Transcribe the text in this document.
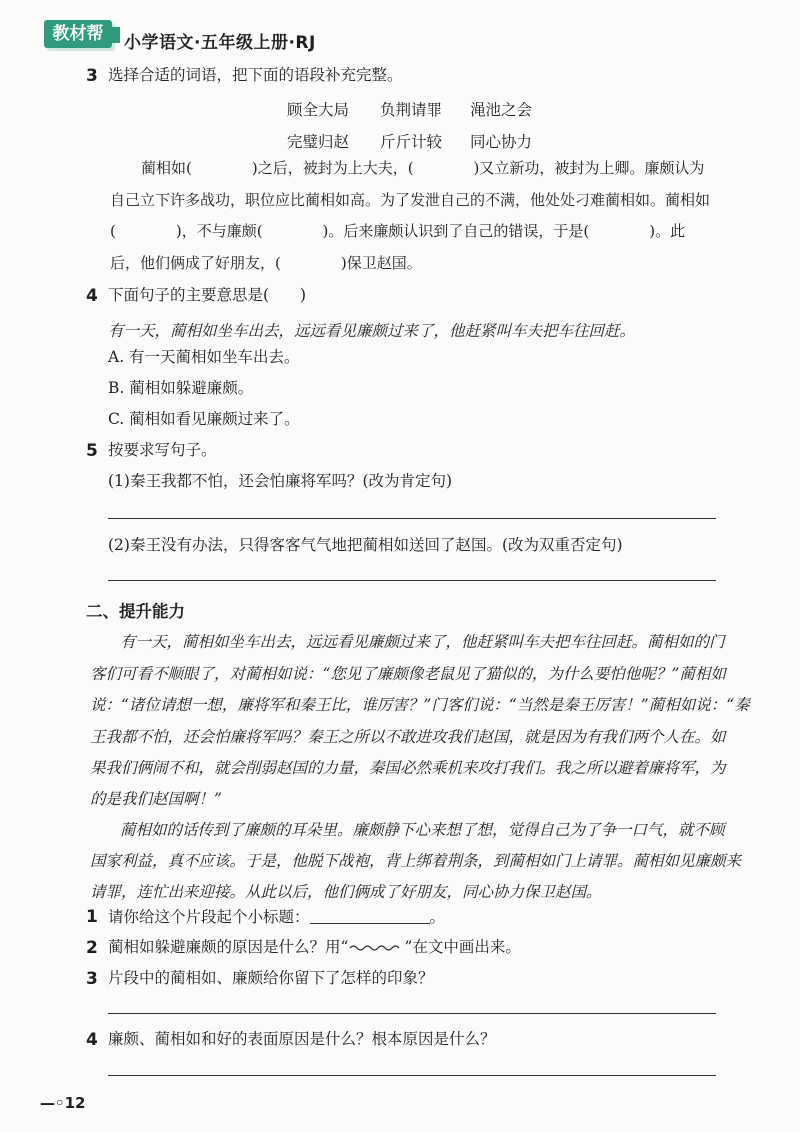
教材帮	小学语文·五年级上册·RJ
3 选择合适的词语，把下面的语段补充完整。
顾全大局 负荆请罪 渑池之会
完璧归赵 斤斤计较 同心协力
蔺相如(　　　　)之后，被封为上大夫，(　　　　)又立新功，被封为上卿。廉颇认为
自己立下许多战功，职位应比蔺相如高。为了发泄自己的不满，他处处刁难蔺相如。蔺相如
(　　　　)，不与廉颇(　　　　)。后来廉颇认识到了自己的错误，于是(　　　　)。此
后，他们俩成了好朋友，(　　　　)保卫赵国。
4 下面句子的主要意思是(　　)
有一天，蔺相如坐车出去，远远看见廉颇过来了，他赶紧叫车夫把车往回赶。
A. 有一天蔺相如坐车出去。
B. 蔺相如躲避廉颇。
C. 蔺相如看见廉颇过来了。
5 按要求写句子。
(1)秦王我都不怕，还会怕廉将军吗？(改为肯定句)
(2)秦王没有办法，只得客客气气地把蔺相如送回了赵国。(改为双重否定句)
二、提升能力
有一天，蔺相如坐车出去，远远看见廉颇过来了，他赶紧叫车夫把车往回赶。蔺相如的门
客们可看不顺眼了，对蔺相如说：“您见了廉颇像老鼠见了猫似的，为什么要怕他呢？”蔺相如
说：“诸位请想一想，廉将军和秦王比，谁厉害？”门客们说：“当然是秦王厉害！”蔺相如说：“秦
王我都不怕，还会怕廉将军吗？秦王之所以不敢进攻我们赵国，就是因为有我们两个人在。如
果我们俩闹不和，就会削弱赵国的力量，秦国必然乘机来攻打我们。我之所以避着廉将军，为
的是我们赵国啊！”
蔺相如的话传到了廉颇的耳朵里。廉颇静下心来想了想，觉得自己为了争一口气，就不顾
国家利益，真不应该。于是，他脱下战袍，背上绑着荆条，到蔺相如门上请罪。蔺相如见廉颇来
请罪，连忙出来迎接。从此以后，他们俩成了好朋友，同心协力保卫赵国。
1 请你给这个片段起个小标题：	。
2 蔺相如躲避廉颇的原因是什么？用“	”在文中画出来。
3 片段中的蔺相如、廉颇给你留下了怎样的印象？
4 廉颇、蔺相如和好的表面原因是什么？根本原因是什么？
—◦12
